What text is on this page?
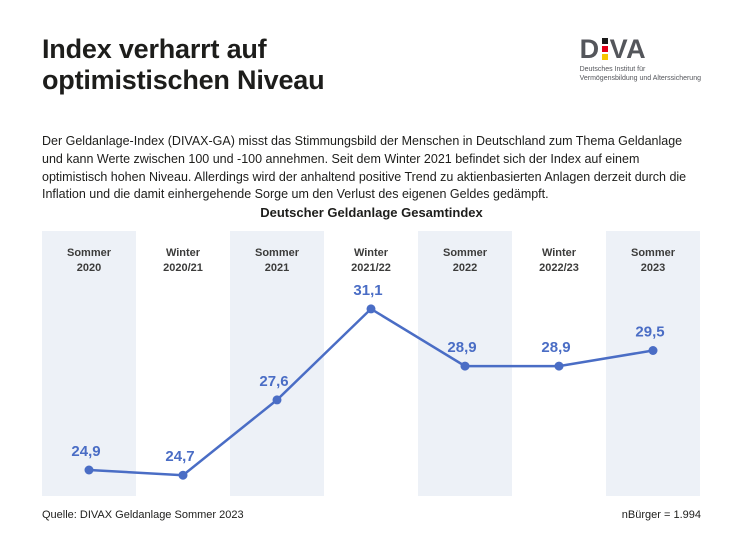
Index verharrt auf
optimistischen Niveau
D VA
Deutsches Institut für
Vermögensbildung und Alterssicherung

Der Geldanlage-Index (DIVAX-GA) misst das Stimmungsbild der Menschen in Deutschland zum Thema Geldanlage und kann Werte zwischen 100 und -100 annehmen. Seit dem Winter 2021 befindet sich der Index auf einem optimistisch hohen Niveau. Allerdings wird der anhaltend positive Trend zu aktienbasierten Anlagen derzeit durch die Inflation und die damit einhergehende Sorge um den Verlust des eigenen Geldes gedämpft.

Deutscher Geldanlage Gesamtindex
Sommer
2020
Winter
2020/21
Sommer
2021
Winter
2021/22
Sommer
2022
Winter
2022/23
Sommer
2023
24,9	24,7
27,6
31,1
28,9	28,9
29,5
Quelle: DIVAX Geldanlage Sommer 2023	nBürger = 1.994
